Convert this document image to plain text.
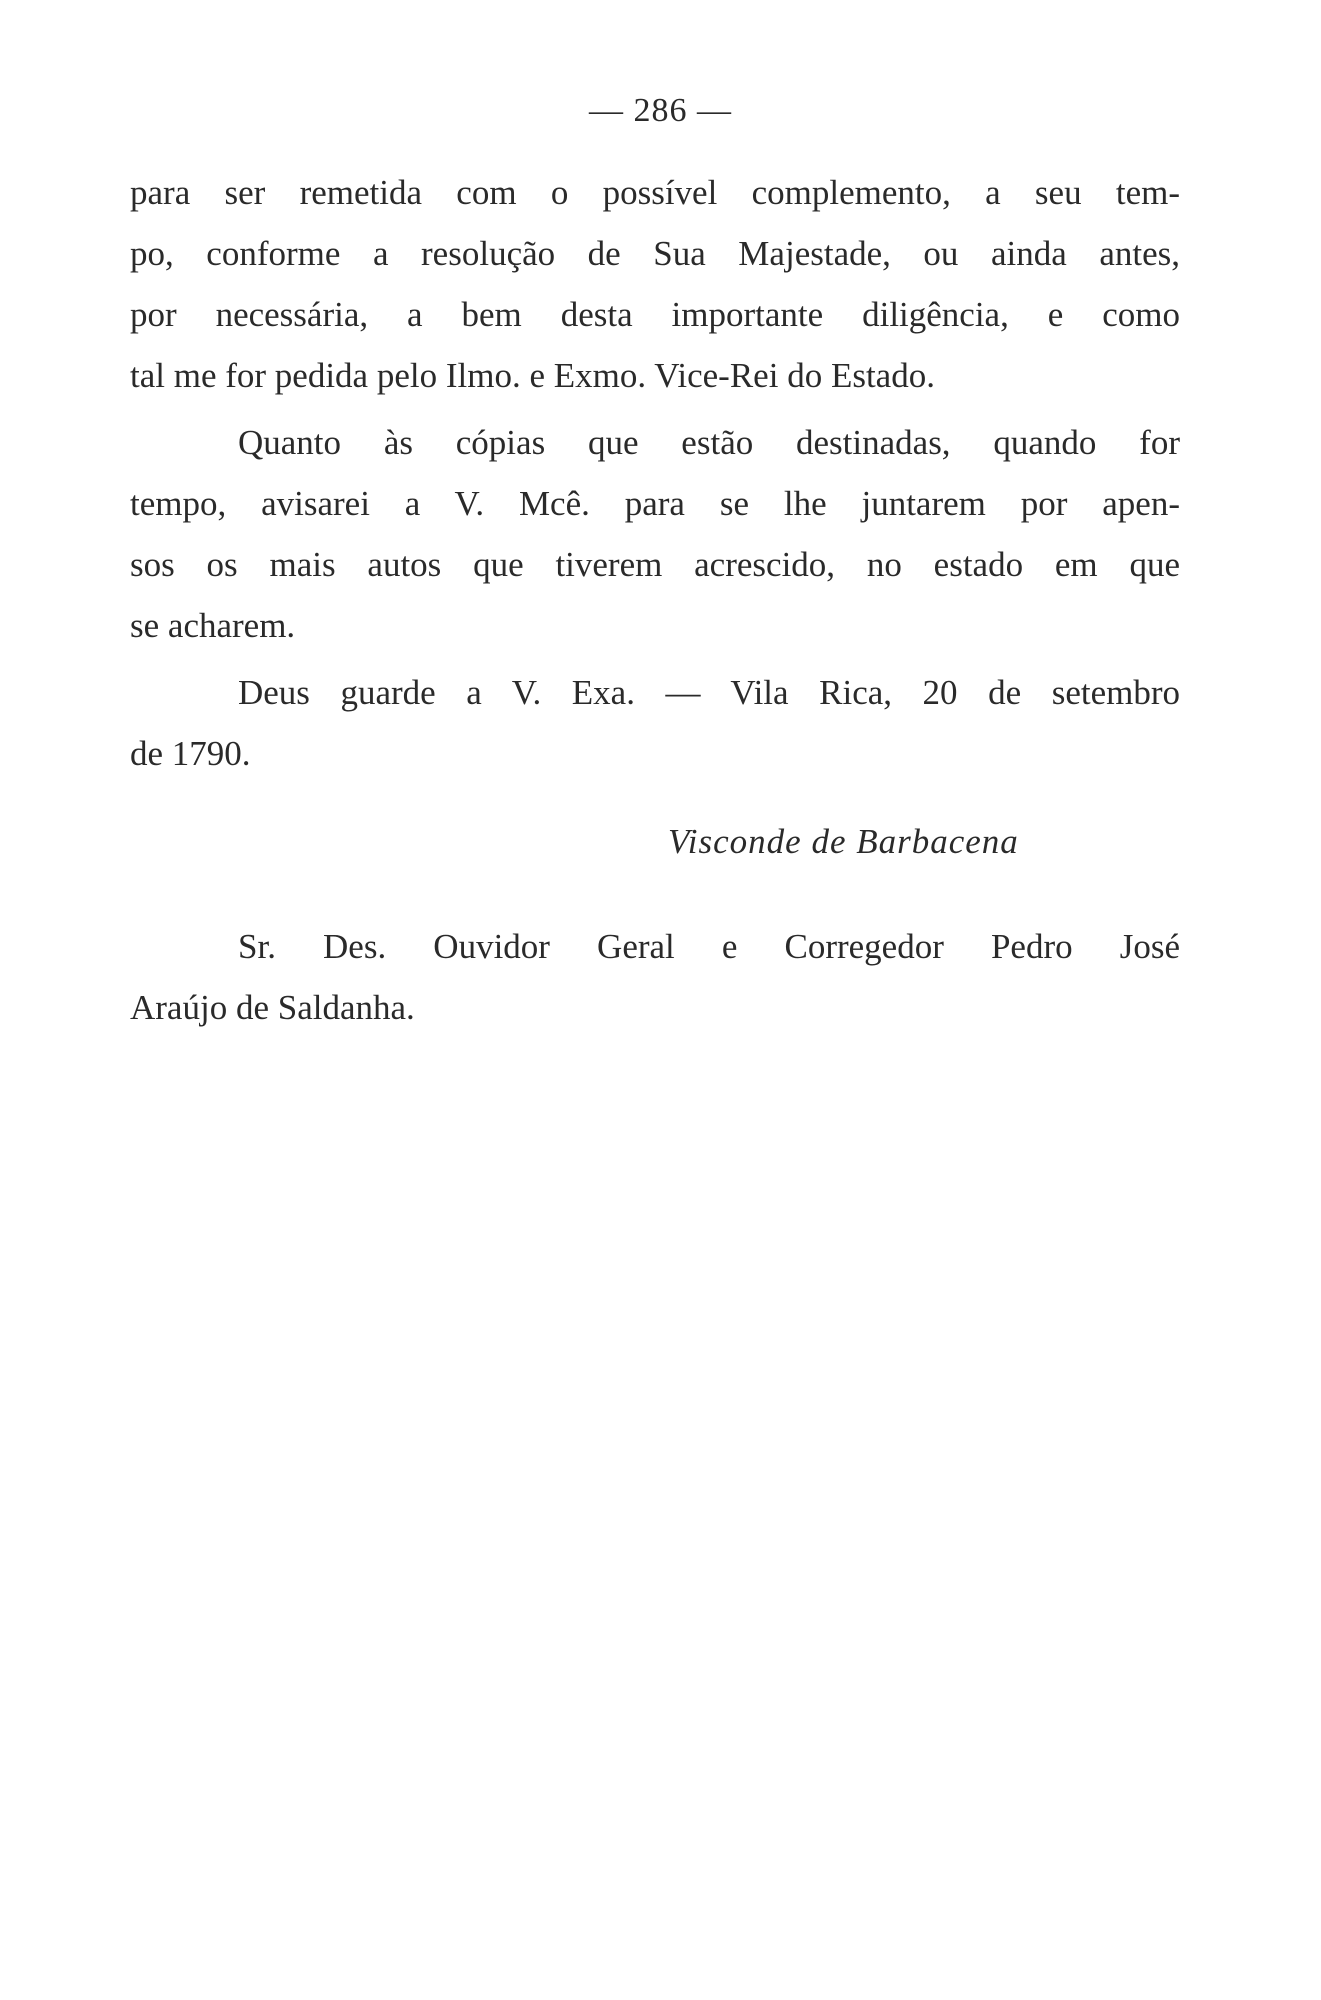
— 286 —
para ser remetida com o possível complemento, a seu tem-
po, conforme a resolução de Sua Majestade, ou ainda antes,
por necessária, a bem desta importante diligência, e como
tal me for pedida pelo Ilmo. e Exmo. Vice-Rei do Estado.
Quanto às cópias que estão destinadas, quando for
tempo, avisarei a V. Mcê. para se lhe juntarem por apen-
sos os mais autos que tiverem acrescido, no estado em que
se acharem.
Deus guarde a V. Exa. — Vila Rica, 20 de setembro
de 1790.
Visconde de Barbacena
Sr. Des. Ouvidor Geral e Corregedor Pedro José
Araújo de Saldanha.
